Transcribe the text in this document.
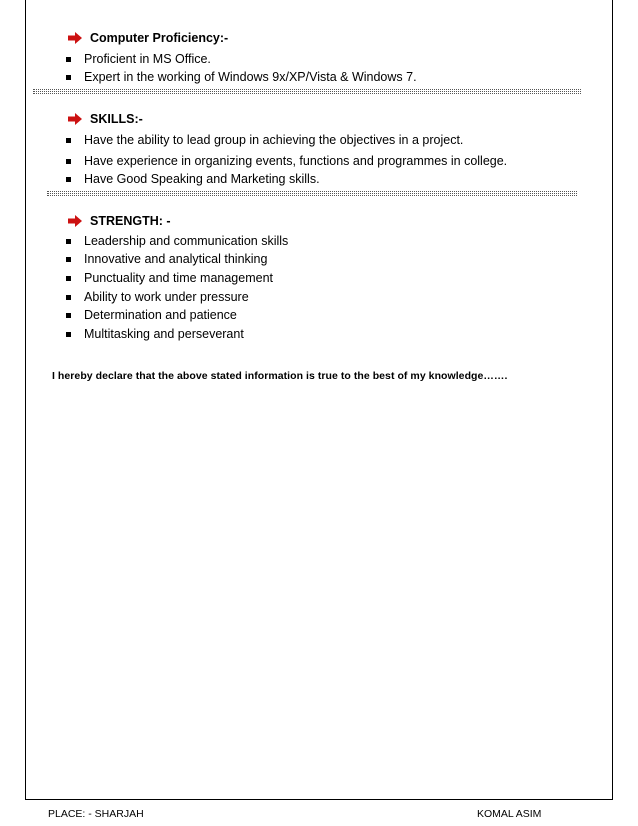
Computer Proficiency:-
Proficient in MS Office.
Expert in the working of Windows 9x/XP/Vista & Windows 7.
SKILLS:-
Have the ability to lead group in achieving the objectives in a project.
Have experience in organizing events, functions and programmes in college.
Have Good Speaking and Marketing skills.
STRENGTH: -
Leadership and communication skills
Innovative and analytical thinking
Punctuality and time management
Ability to work under pressure
Determination and patience
Multitasking and perseverant
I hereby declare that the above stated information is true to the best of my knowledge…….
PLACE: - SHARJAH	KOMAL ASIM
